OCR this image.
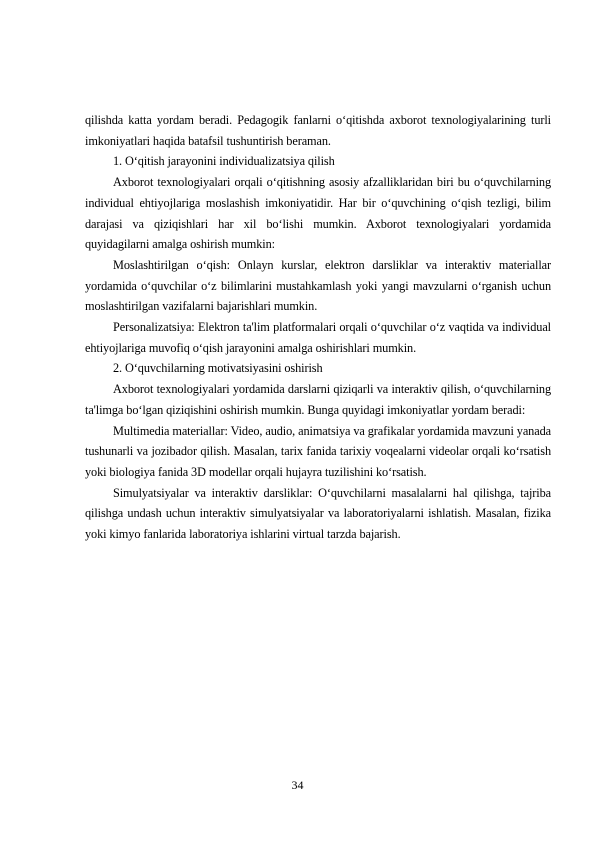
qilishda katta yordam beradi. Pedagogik fanlarni o‘qitishda axborot texnologiyalarining turli imkoniyatlari haqida batafsil tushuntirish beraman.

1. O‘qitish jarayonini individualizatsiya qilish

Axborot texnologiyalari orqali o‘qitishning asosiy afzalliklaridan biri bu o‘quvchilarning individual ehtiyojlariga moslashish imkoniyatidir. Har bir o‘quvchining o‘qish tezligi, bilim darajasi va qiziqishlari har xil bo‘lishi mumkin. Axborot texnologiyalari yordamida quyidagilarni amalga oshirish mumkin:

Moslashtirilgan o‘qish: Onlayn kurslar, elektron darsliklar va interaktiv materiallar yordamida o‘quvchilar o‘z bilimlarini mustahkamlash yoki yangi mavzularni o‘rganish uchun moslashtirilgan vazifalarni bajarishlari mumkin.

Personalizatsiya: Elektron ta'lim platformalari orqali o‘quvchilar o‘z vaqtida va individual ehtiyojlariga muvofiq o‘qish jarayonini amalga oshirishlari mumkin.

2. O‘quvchilarning motivatsiyasini oshirish

Axborot texnologiyalari yordamida darslarni qiziqarli va interaktiv qilish, o‘quvchilarning ta'limga bo‘lgan qiziqishini oshirish mumkin. Bunga quyidagi imkoniyatlar yordam beradi:

Multimedia materiallar: Video, audio, animatsiya va grafikalar yordamida mavzuni yanada tushunarli va jozibador qilish. Masalan, tarix fanida tarixiy voqealarni videolar orqali ko‘rsatish yoki biologiya fanida 3D modellar orqali hujayra tuzilishini ko‘rsatish.

Simulyatsiyalar va interaktiv darsliklar: O‘quvchilarni masalalarni hal qilishga, tajriba qilishga undash uchun interaktiv simulyatsiyalar va laboratoriyalarni ishlatish. Masalan, fizika yoki kimyo fanlarida laboratoriya ishlarini virtual tarzda bajarish.

34
